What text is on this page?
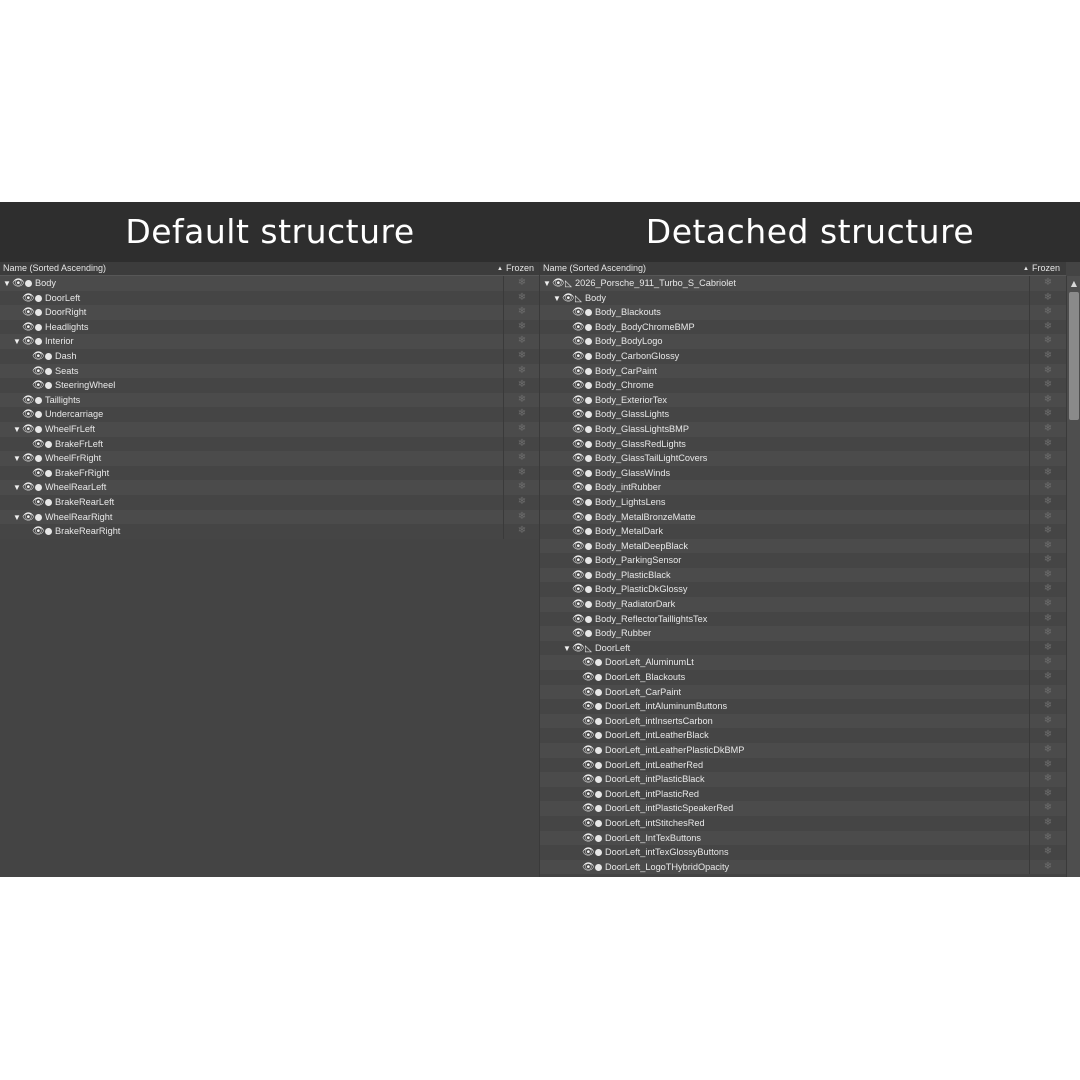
Default structure	Detached structure
Name (Sorted Ascending)	▲ Frozen
▼👁︎ Body	❄
👁︎ DoorLeft	❄
👁︎ DoorRight	❄
👁︎ Headlights	❄
▼👁︎ Interior	❄
👁︎ Dash	❄
👁︎ Seats	❄
👁︎ SteeringWheel	❄
👁︎ Taillights	❄
👁︎ Undercarriage	❄
▼👁︎ WheelFrLeft	❄
👁︎ BrakeFrLeft	❄
▼👁︎ WheelFrRight	❄
👁︎ BrakeFrRight	❄
▼👁︎ WheelRearLeft	❄
👁︎ BrakeRearLeft	❄
▼👁︎ WheelRearRight	❄
👁︎ BrakeRearRight	❄
Name (Sorted Ascending)	▲ Frozen
▼👁︎◺ 2026_Porsche_911_Turbo_S_Cabriolet	❄
▼👁︎◺ Body	❄
👁︎ Body_Blackouts	❄
👁︎ Body_BodyChromeBMP	❄
👁︎ Body_BodyLogo	❄
👁︎ Body_CarbonGlossy	❄
👁︎ Body_CarPaint	❄
👁︎ Body_Chrome	❄
👁︎ Body_ExteriorTex	❄
👁︎ Body_GlassLights	❄
👁︎ Body_GlassLightsBMP	❄
👁︎ Body_GlassRedLights	❄
👁︎ Body_GlassTailLightCovers	❄
👁︎ Body_GlassWinds	❄
👁︎ Body_intRubber	❄
👁︎ Body_LightsLens	❄
👁︎ Body_MetalBronzeMatte	❄
👁︎ Body_MetalDark	❄
👁︎ Body_MetalDeepBlack	❄
👁︎ Body_ParkingSensor	❄
👁︎ Body_PlasticBlack	❄
👁︎ Body_PlasticDkGlossy	❄
👁︎ Body_RadiatorDark	❄
👁︎ Body_ReflectorTaillightsTex	❄
👁︎ Body_Rubber	❄
▼👁︎◺ DoorLeft	❄
👁︎ DoorLeft_AluminumLt	❄
👁︎ DoorLeft_Blackouts	❄
👁︎ DoorLeft_CarPaint	❄
👁︎ DoorLeft_intAluminumButtons	❄
👁︎ DoorLeft_intInsertsCarbon	❄
👁︎ DoorLeft_intLeatherBlack	❄
👁︎ DoorLeft_intLeatherPlasticDkBMP	❄
👁︎ DoorLeft_intLeatherRed	❄
👁︎ DoorLeft_intPlasticBlack	❄
👁︎ DoorLeft_intPlasticRed	❄
👁︎ DoorLeft_intPlasticSpeakerRed	❄
👁︎ DoorLeft_intStitchesRed	❄
👁︎ DoorLeft_IntTexButtons	❄
👁︎ DoorLeft_intTexGlossyButtons	❄
👁︎ DoorLeft_LogoTHybridOpacity	❄
▲
